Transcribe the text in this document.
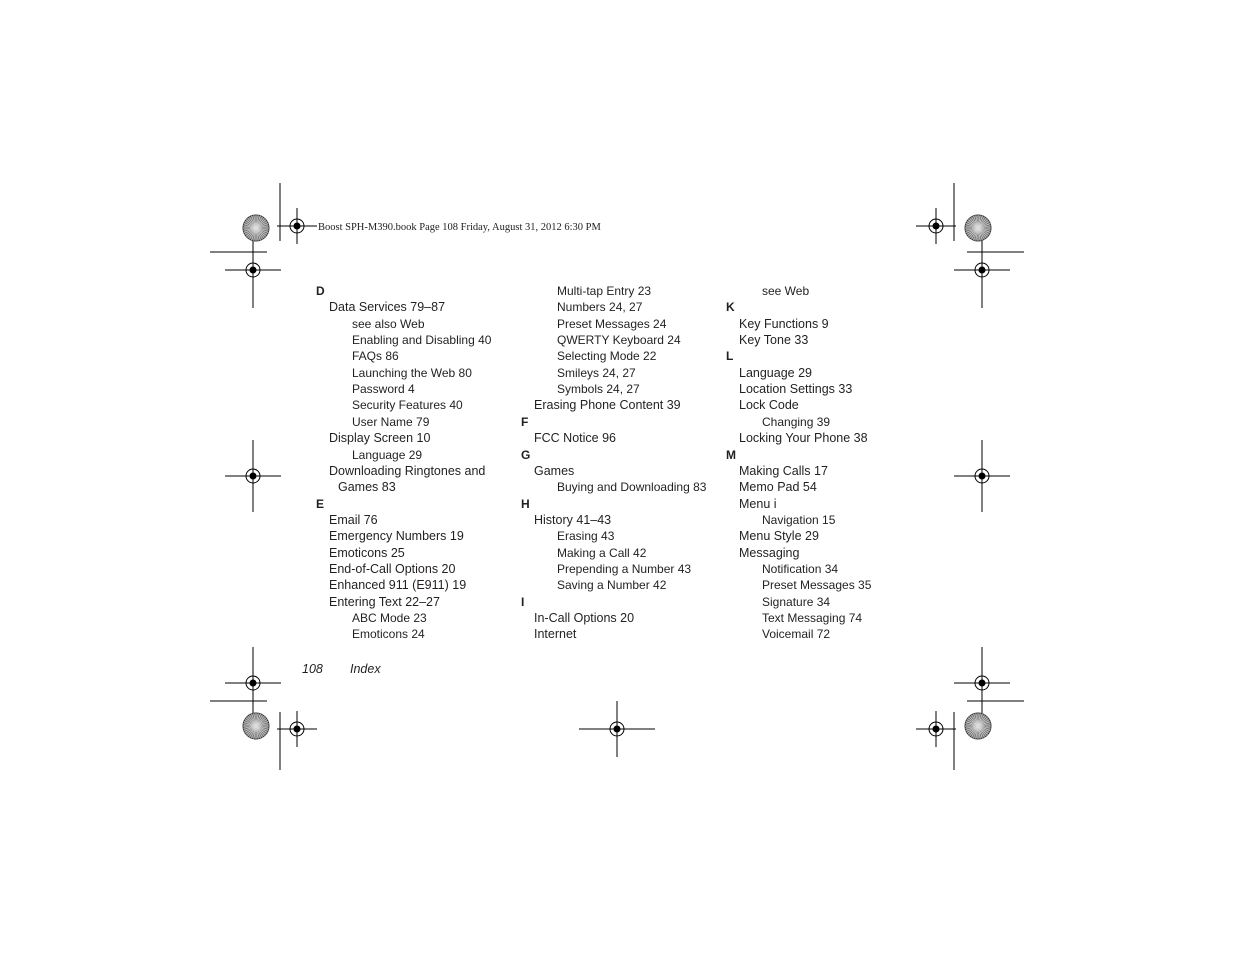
Boost SPH-M390.book Page 108 Friday, August 31, 2012 6:30 PM
D
Data Services 79–87
see also Web
Enabling and Disabling 40
FAQs 86
Launching the Web 80
Password 4
Security Features 40
User Name 79
Display Screen 10
Language 29
Downloading Ringtones and
Games 83
E
Email 76
Emergency Numbers 19
Emoticons 25
End-of-Call Options 20
Enhanced 911 (E911) 19
Entering Text 22–27
ABC Mode 23
Emoticons 24
Multi-tap Entry 23
Numbers 24, 27
Preset Messages 24
QWERTY Keyboard 24
Selecting Mode 22
Smileys 24, 27
Symbols 24, 27
Erasing Phone Content 39
F
FCC Notice 96
G
Games
Buying and Downloading 83
H
History 41–43
Erasing 43
Making a Call 42
Prepending a Number 43
Saving a Number 42
I
In-Call Options 20
Internet
see Web
K
Key Functions 9
Key Tone 33
L
Language 29
Location Settings 33
Lock Code
Changing 39
Locking Your Phone 38
M
Making Calls 17
Memo Pad 54
Menu i
Navigation 15
Menu Style 29
Messaging
Notification 34
Preset Messages 35
Signature 34
Text Messaging 74
Voicemail 72
108 Index
